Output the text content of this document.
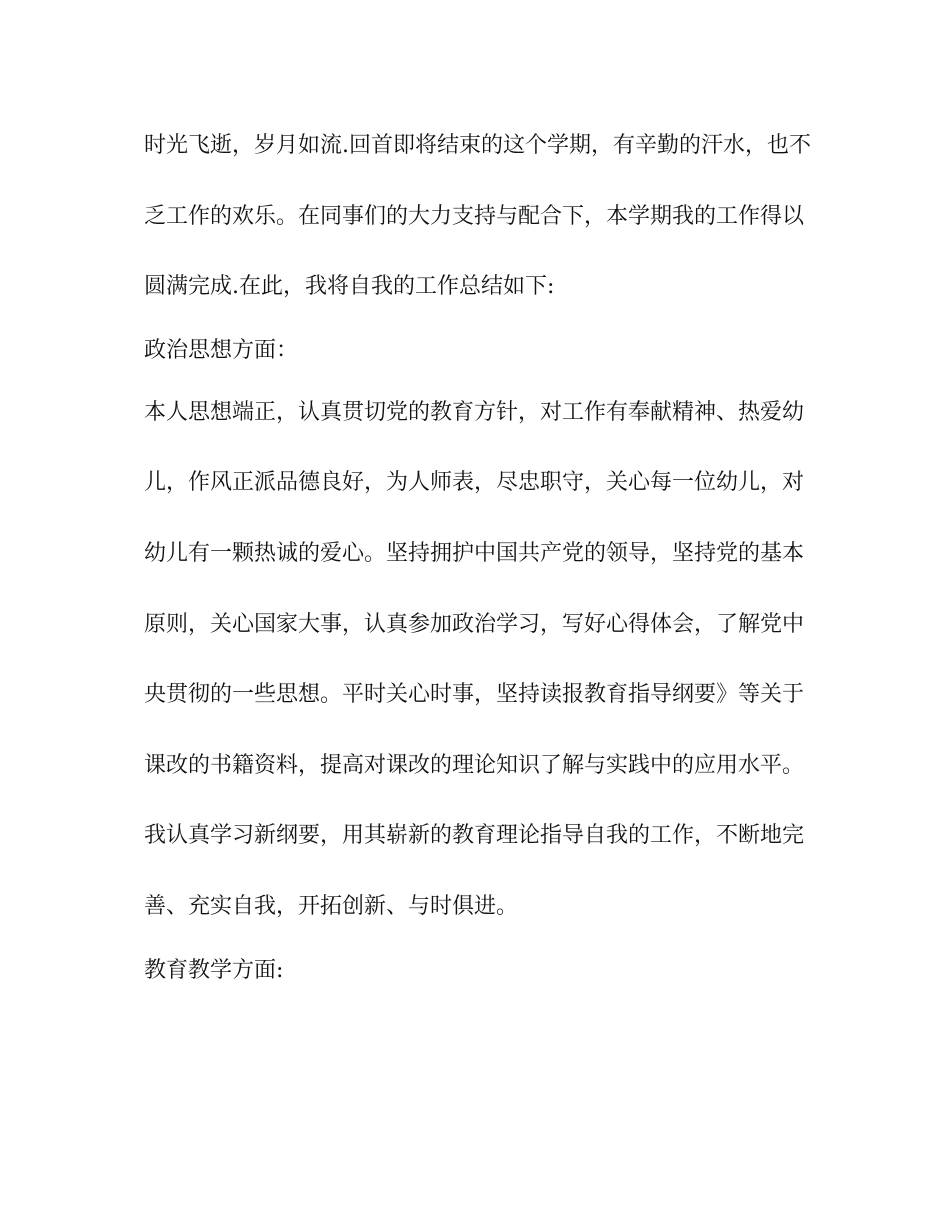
时光飞逝，岁月如流.回首即将结束的这个学期，有辛勤的汗水，也不

乏工作的欢乐。在同事们的大力支持与配合下，本学期我的工作得以

圆满完成.在此，我将自我的工作总结如下:

政治思想方面：

本人思想端正，认真贯切党的教育方针，对工作有奉献精神、热爱幼

儿，作风正派品德良好，为人师表，尽忠职守，关心每一位幼儿，对

幼儿有一颗热诚的爱心。坚持拥护中国共产党的领导，坚持党的基本

原则，关心国家大事，认真参加政治学习，写好心得体会，了解党中

央贯彻的一些思想。平时关心时事，坚持读报教育指导纲要》等关于

课改的书籍资料，提高对课改的理论知识了解与实践中的应用水平。

我认真学习新纲要，用其崭新的教育理论指导自我的工作，不断地完

善、充实自我，开拓创新、与时俱进。

教育教学方面:
